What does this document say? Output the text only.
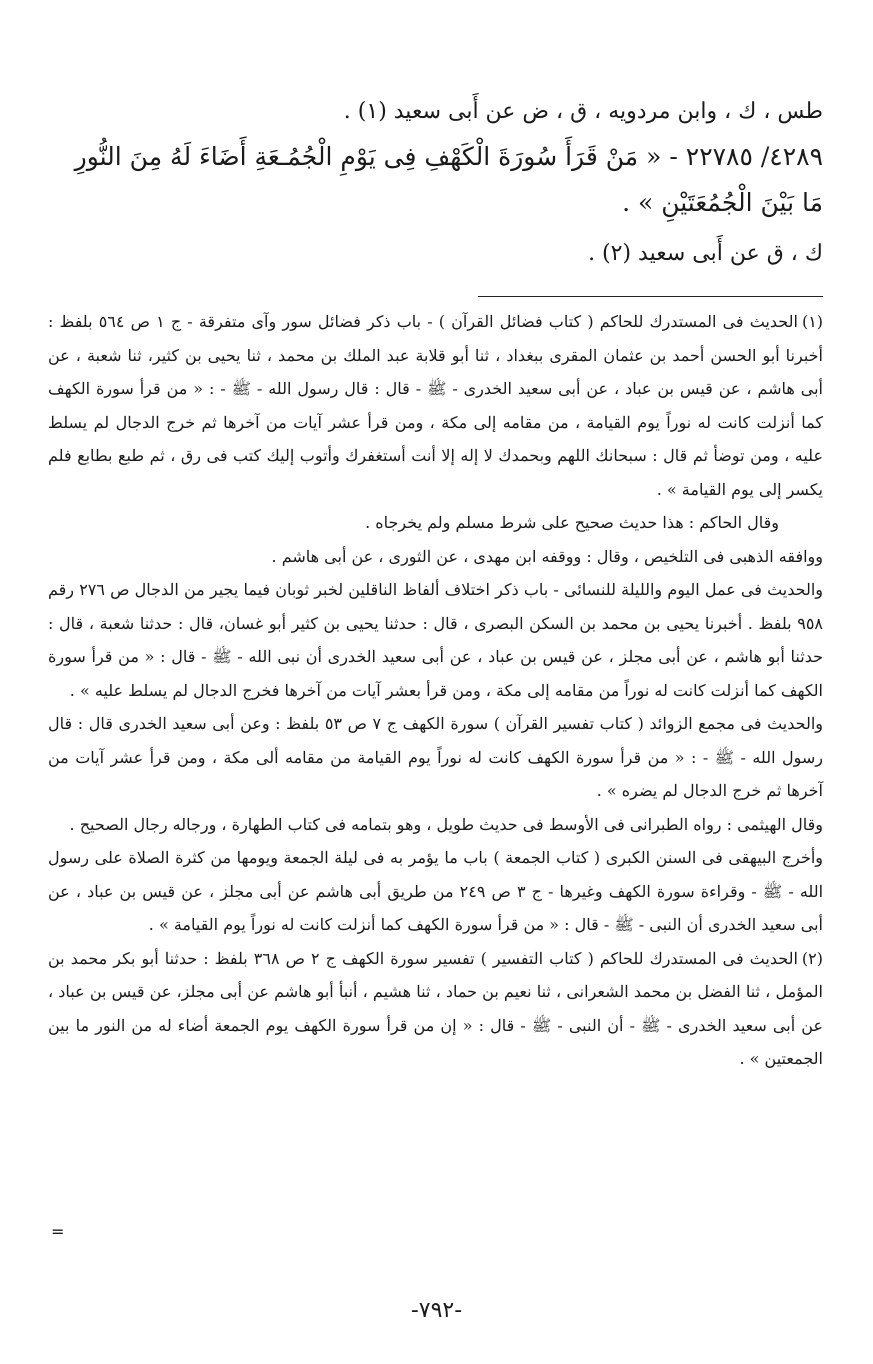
طس ، ك ، وابن مردويه ، ق ، ض عن أَبى سعيد (١) .

٤٢٨٩/ ٢٢٧٨٥ - « مَنْ قَرَأَ سُورَةَ الْكَهْفِ فِى يَوْمِ الْجُمُـعَةِ أَضَاءَ لَهُ مِنَ النُّورِ مَا بَيْنَ الْجُمُعَتَيْنِ » .

ك ، ق عن أَبى سعيد (٢) .

(١)الحديث فى المستدرك للحاكم ( كتاب فضائل القرآن ) - باب ذكر فضائل سور وآى متفرقة - ج ١ ص ٥٦٤ بلفظ : أخبرنا أبو الحسن أحمد بن عثمان المقرى ببغداد ، ثنا أبو قلابة عبد الملك بن محمد ، ثنا يحيى بن كثير، ثنا شعبة ، عن أبى هاشم ، عن قيس بن عباد ، عن أبى سعيد الخدرى - ﷺ - قال : قال رسول الله - ﷺ - : « من قرأ سورة الكهف كما أنزلت كانت له نوراً يوم القيامة ، من مقامه إلى مكة ، ومن قرأ عشر آيات من آخرها ثم خرج الدجال لم يسلط عليه ، ومن توضأ ثم قال : سبحانك اللهم وبحمدك لا إله إلا أنت أستغفرك وأتوب إليك كتب فى رق ، ثم طبع بطابع فلم يكسر إلى يوم القيامة » .

وقال الحاكم : هذا حديث صحيح على شرط مسلم ولم يخرجاه .

ووافقه الذهبى فى التلخيص ، وقال : ووقفه ابن مهدى ، عن الثورى ، عن أبى هاشم .

والحديث فى عمل اليوم والليلة للنسائى - باب ذكر اختلاف ألفاظ الناقلين لخبر ثوبان فيما يجير من الدجال ص ٢٧٦ رقم ٩٥٨ بلفظ . أخبرنا يحيى بن محمد بن السكن البصرى ، قال : حدثنا يحيى بن كثير أبو غسان، قال : حدثنا شعبة ، قال : حدثنا أبو هاشم ، عن أبى مجلز ، عن قيس بن عباد ، عن أبى سعيد الخدرى أن نبى الله - ﷺ - قال : « من قرأ سورة الكهف كما أنزلت كانت له نوراً من مقامه إلى مكة ، ومن قرأ بعشر آيات من آخرها فخرج الدجال لم يسلط عليه » .

والحديث فى مجمع الزوائد ( كتاب تفسير القرآن ) سورة الكهف ج ٧ ص ٥٣ بلفظ : وعن أبى سعيد الخدرى قال : قال رسول الله - ﷺ - : « من قرأ سورة الكهف كانت له نوراً يوم القيامة من مقامه ألى مكة ، ومن قرأ عشر آيات من آخرها ثم خرج الدجال لم يضره » .

وقال الهيثمى : رواه الطبرانى فى الأوسط فى حديث طويل ، وهو بتمامه فى كتاب الطهارة ، ورجاله رجال الصحيح .

وأخرج البيهقى فى السنن الكبرى ( كتاب الجمعة ) باب ما يؤمر به فى ليلة الجمعة ويومها من كثرة الصلاة على رسول الله - ﷺ - وقراءة سورة الكهف وغيرها - ج ٣ ص ٢٤٩ من طريق أبى هاشم عن أبى مجلز ، عن قيس بن عباد ، عن أبى سعيد الخدرى أن النبى - ﷺ - قال : « من قرأ سورة الكهف كما أنزلت كانت له نوراً يوم القيامة » .

(٢)الحديث فى المستدرك للحاكم ( كتاب التفسير ) تفسير سورة الكهف ج ٢ ص ٣٦٨ بلفظ : حدثنا أبو بكر محمد بن المؤمل ، ثنا الفضل بن محمد الشعرانى ، ثنا نعيم بن حماد ، ثنا هشيم ، أنبأ أبو هاشم عن أبى مجلز، عن قيس بن عباد ، عن أبى سعيد الخدرى - ﷺ - أن النبى - ﷺ - قال : « إن من قرأ سورة الكهف يوم الجمعة أضاء له من النور ما بين الجمعتين » .

=
-٧٩٢-
